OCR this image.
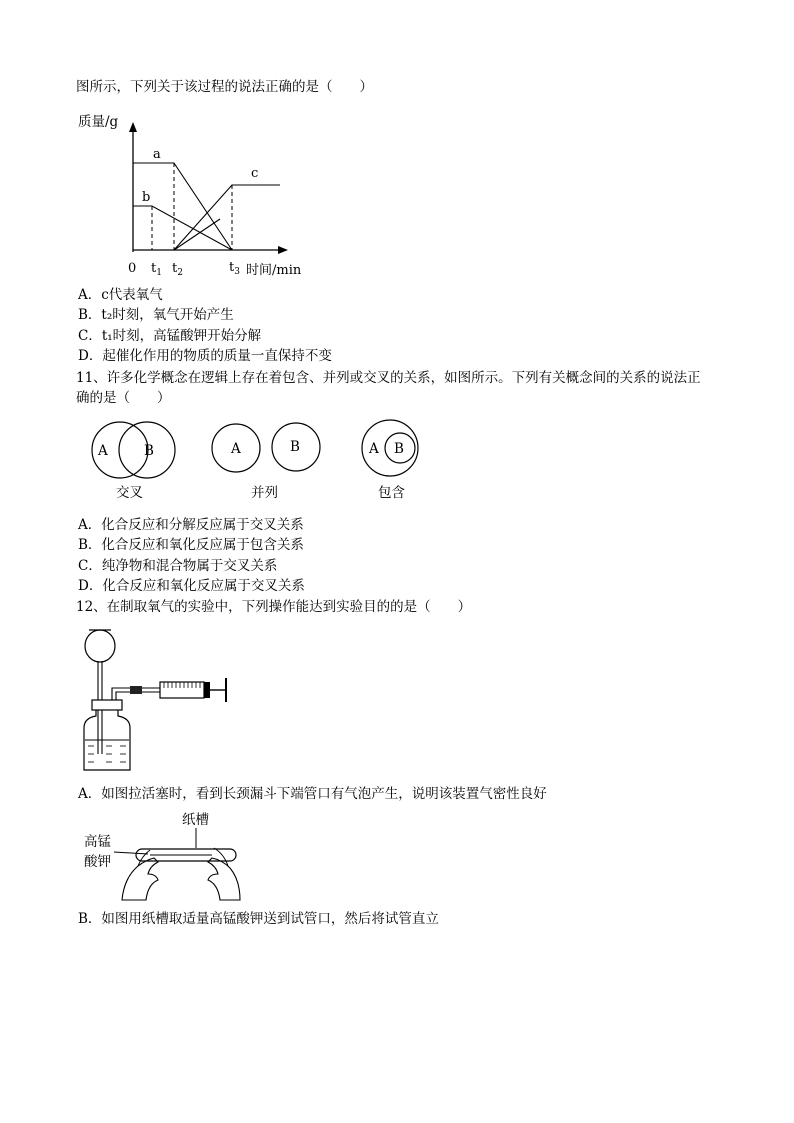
图所示，下列关于该过程的说法正确的是（　　）
质量/g
a
b
c
0 $t_1$ $t_2$	$t_3$ 时间/min
A．c代表氧气
B．t₂时刻，氧气开始产生
C．t₁时刻，高锰酸钾开始分解
D．起催化作用的物质的质量一直保持不变
11、许多化学概念在逻辑上存在着包含、并列或交叉的关系，如图所示。下列有关概念间的关系的说法正
确的是（　　）
A	B
交叉
A	B
并列
A B
包含
A．化合反应和分解反应属于交叉关系
B．化合反应和氧化反应属于包含关系
C．纯净物和混合物属于交叉关系
D．化合反应和氧化反应属于交叉关系
12、在制取氧气的实验中，下列操作能达到实验目的的是（　　）
A．如图拉活塞时，看到长颈漏斗下端管口有气泡产生，说明该装置气密性良好
纸槽
高锰
酸钾
B．如图用纸槽取适量高锰酸钾送到试管口，然后将试管直立
